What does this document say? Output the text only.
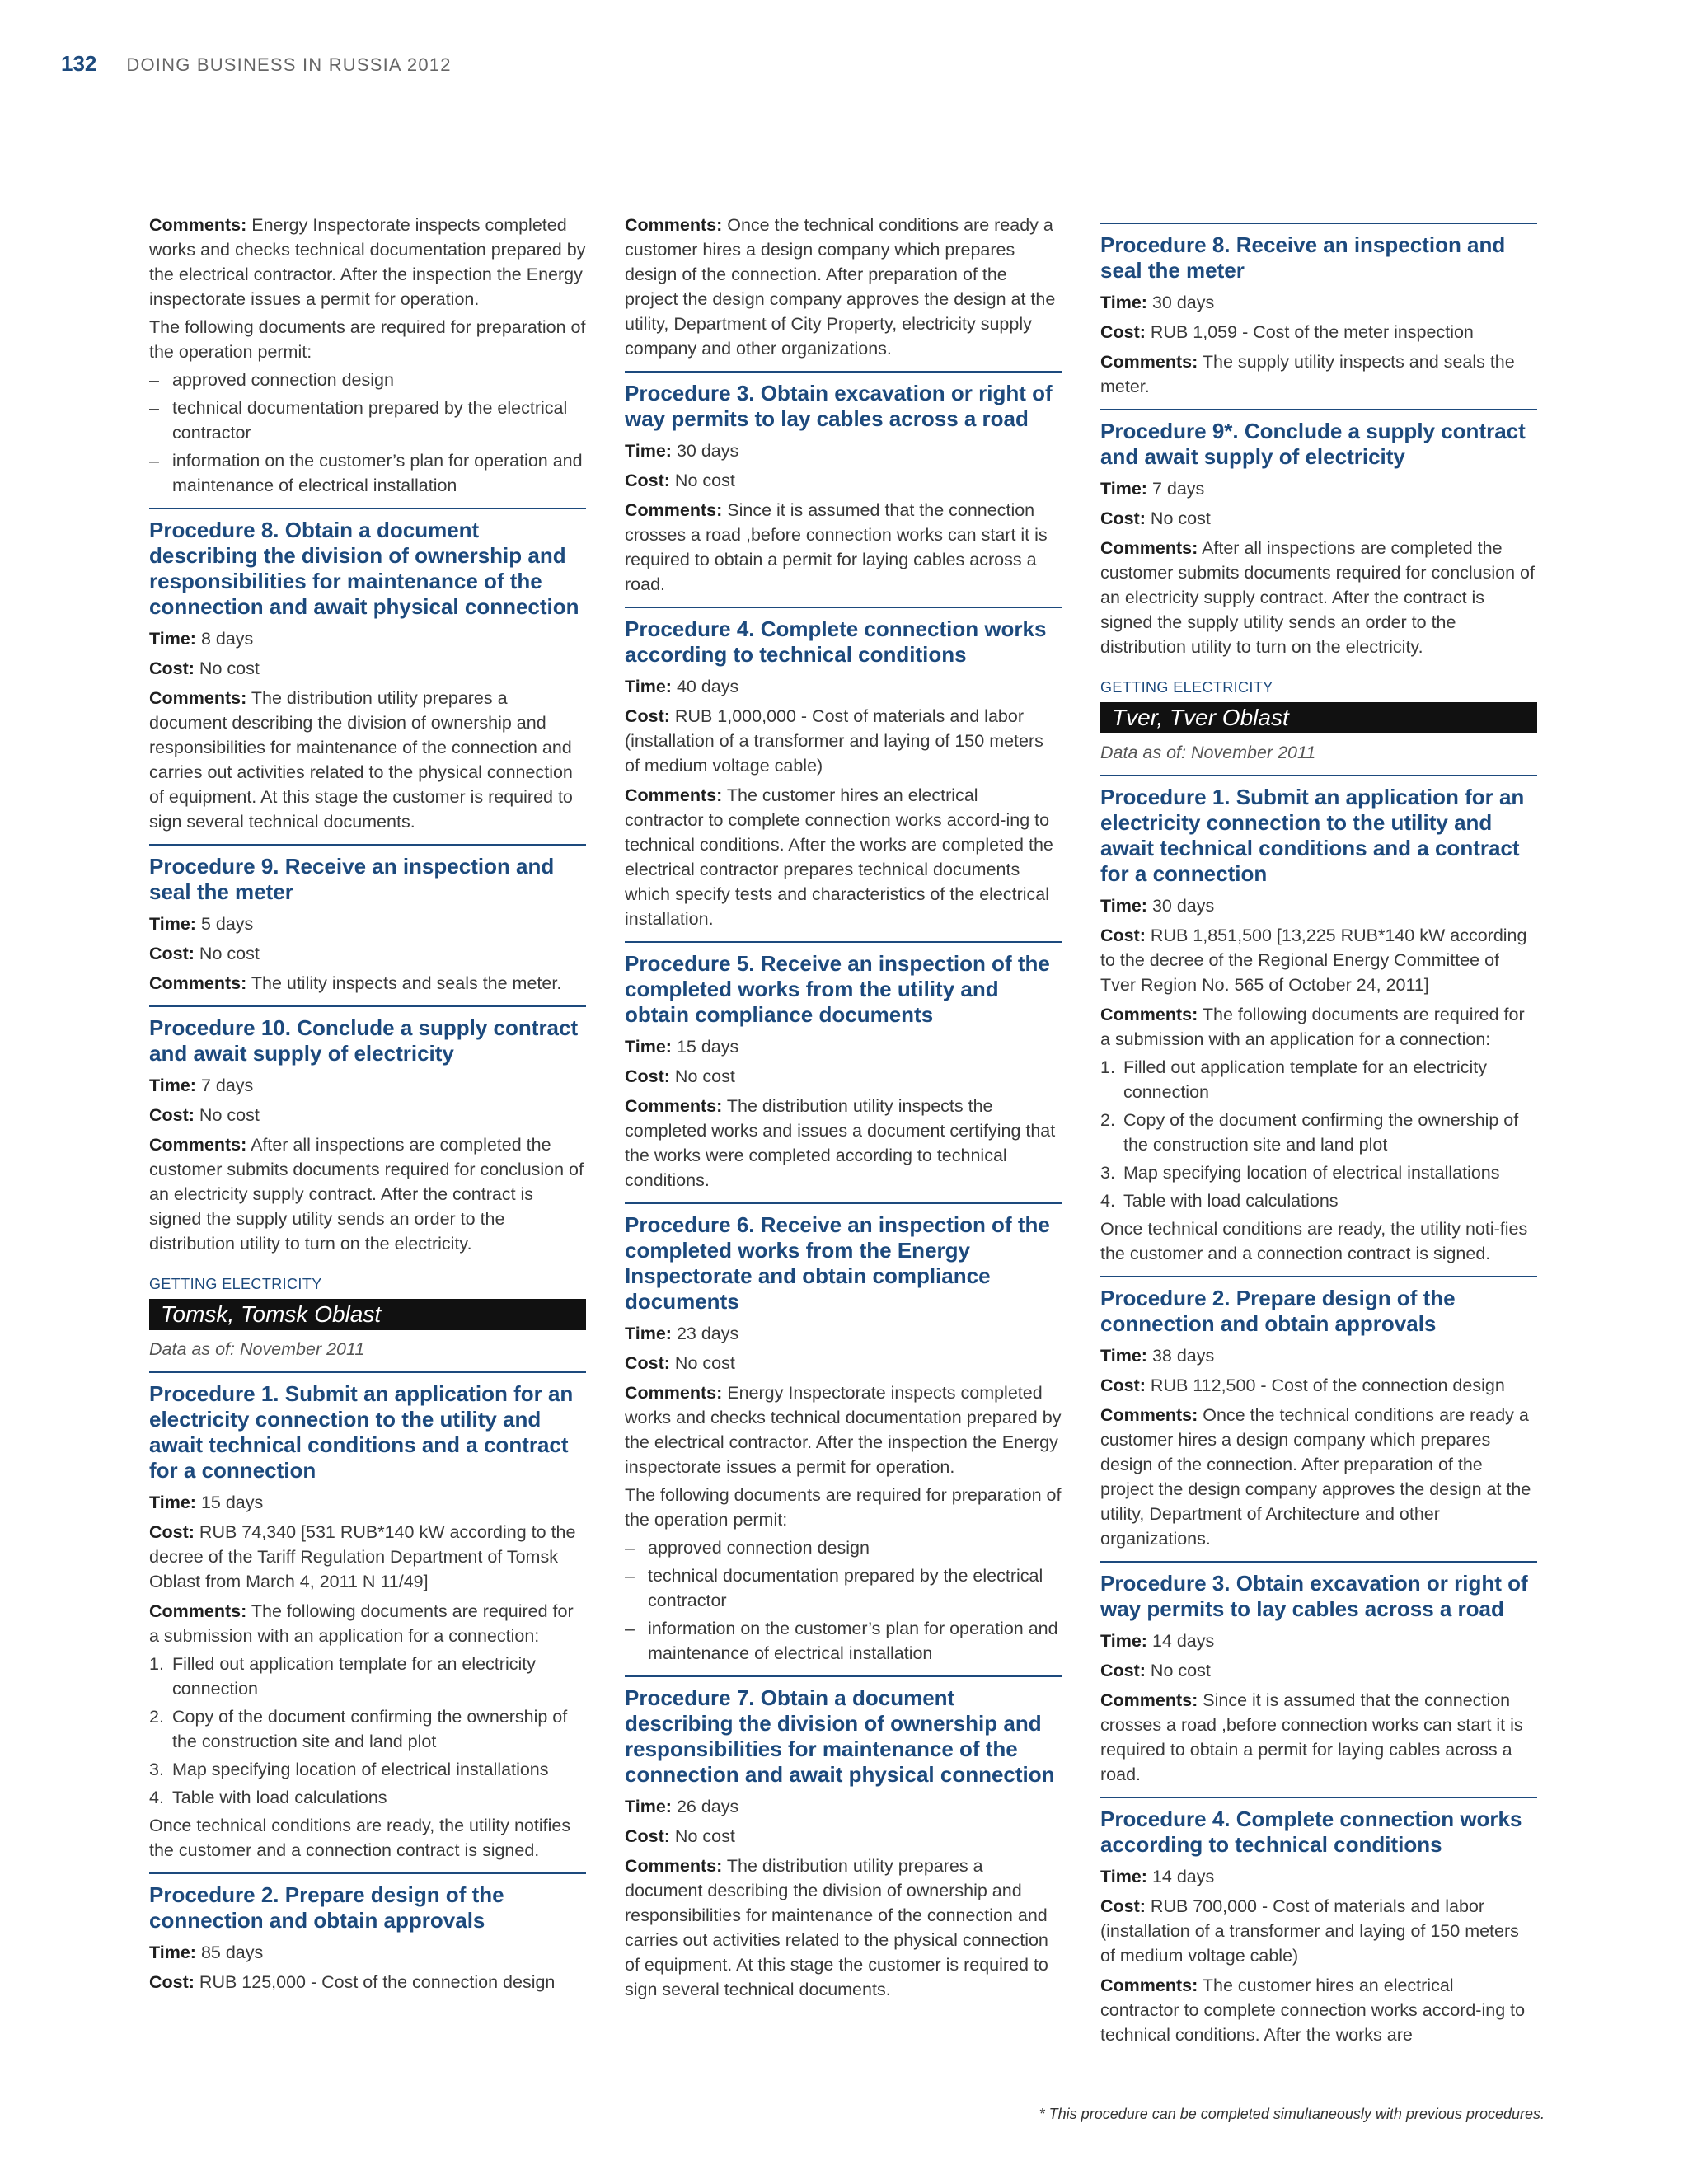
132 DOING BUSINESS IN RUSSIA 2012

Comments: Energy Inspectorate inspects completed works and checks technical documentation prepared by the electrical contractor. After the inspection the Energy inspectorate issues a permit for operation.

The following documents are required for preparation of the operation permit:

– approved connection design
– technical documentation prepared by the electrical contractor
– information on the customer’s plan for operation and maintenance of electrical installation

Procedure 8. Obtain a document describing the division of ownership and responsibilities for maintenance of the connection and await physical connection

Time: 8 days

Cost: No cost

Comments: The distribution utility prepares a document describing the division of ownership and responsibilities for maintenance of the connection and carries out activities related to the physical connection of equipment. At this stage the customer is required to sign several technical documents.

Procedure 9. Receive an inspection and seal the meter

Time: 5 days

Cost: No cost

Comments: The utility inspects and seals the meter.

Procedure 10. Conclude a supply contract and await supply of electricity

Time: 7 days

Cost: No cost

Comments: After all inspections are completed the customer submits documents required for conclusion of an electricity supply contract. After the contract is signed the supply utility sends an order to the distribution utility to turn on the electricity.

GETTING ELECTRICITY

Tomsk, Tomsk Oblast

Data as of: November 2011

Procedure 1. Submit an application for an electricity connection to the utility and await technical conditions and a contract for a connection

Time: 15 days

Cost: RUB 74,340 [531 RUB*140 kW according to the decree of the Tariff Regulation Department of Tomsk Oblast from March 4, 2011 N 11/49]

Comments: The following documents are required for a submission with an application for a connection:

1. Filled out application template for an electricity connection
2. Copy of the document confirming the ownership of the construction site and land plot
3. Map specifying location of electrical installations
4. Table with load calculations

Once technical conditions are ready, the utility notifies the customer and a connection contract is signed.

Procedure 2. Prepare design of the connection and obtain approvals

Time: 85 days

Cost: RUB 125,000 - Cost of the connection design

Comments: Once the technical conditions are ready a customer hires a design company which prepares design of the connection. After preparation of the project the design company approves the design at the utility, Department of City Property, electricity supply company and other organizations.

Procedure 3. Obtain excavation or right of way permits to lay cables across a road

Time: 30 days

Cost: No cost

Comments: Since it is assumed that the connection crosses a road ,before connection works can start it is required to obtain a permit for laying cables across a road.

Procedure 4. Complete connection works according to technical conditions

Time: 40 days

Cost: RUB 1,000,000 - Cost of materials and labor (installation of a transformer and laying of 150 meters of medium voltage cable)

Comments: The customer hires an electrical contractor to complete connection works accord-ing to technical conditions. After the works are completed the electrical contractor prepares technical documents which specify tests and characteristics of the electrical installation.

Procedure 5. Receive an inspection of the completed works from the utility and obtain compliance documents

Time: 15 days

Cost: No cost

Comments: The distribution utility inspects the completed works and issues a document certifying that the works were completed according to technical conditions.

Procedure 6. Receive an inspection of the completed works from the Energy Inspectorate and obtain compliance documents

Time: 23 days

Cost: No cost

Comments: Energy Inspectorate inspects completed works and checks technical documentation prepared by the electrical contractor. After the inspection the Energy inspectorate issues a permit for operation.

The following documents are required for preparation of the operation permit:

– approved connection design
– technical documentation prepared by the electrical contractor
– information on the customer’s plan for operation and maintenance of electrical installation

Procedure 7. Obtain a document describing the division of ownership and responsibilities for maintenance of the connection and await physical connection

Time: 26 days

Cost: No cost

Comments: The distribution utility prepares a document describing the division of ownership and responsibilities for maintenance of the connection and carries out activities related to the physical connection of equipment. At this stage the customer is required to sign several technical documents.

Procedure 8. Receive an inspection and seal the meter

Time: 30 days

Cost: RUB 1,059 - Cost of the meter inspection

Comments: The supply utility inspects and seals the meter.

Procedure 9*. Conclude a supply contract and await supply of electricity

Time: 7 days

Cost: No cost

Comments: After all inspections are completed the customer submits documents required for conclusion of an electricity supply contract. After the contract is signed the supply utility sends an order to the distribution utility to turn on the electricity.

GETTING ELECTRICITY

Tver, Tver Oblast

Data as of: November 2011

Procedure 1. Submit an application for an electricity connection to the utility and await technical conditions and a contract for a connection

Time: 30 days

Cost: RUB 1,851,500 [13,225 RUB*140 kW according to the decree of the Regional Energy Committee of Tver Region No. 565 of October 24, 2011]

Comments: The following documents are required for a submission with an application for a connection:

1. Filled out application template for an electricity connection
2. Copy of the document confirming the ownership of the construction site and land plot
3. Map specifying location of electrical installations
4. Table with load calculations

Once technical conditions are ready, the utility noti-fies the customer and a connection contract is signed.

Procedure 2. Prepare design of the connection and obtain approvals

Time: 38 days

Cost: RUB 112,500 - Cost of the connection design

Comments: Once the technical conditions are ready a customer hires a design company which prepares design of the connection. After preparation of the project the design company approves the design at the utility, Department of Architecture and other organizations.

Procedure 3. Obtain excavation or right of way permits to lay cables across a road

Time: 14 days

Cost: No cost

Comments: Since it is assumed that the connection crosses a road ,before connection works can start it is required to obtain a permit for laying cables across a road.

Procedure 4. Complete connection works according to technical conditions

Time: 14 days

Cost: RUB 700,000 - Cost of materials and labor (installation of a transformer and laying of 150 meters of medium voltage cable)

Comments: The customer hires an electrical contractor to complete connection works accord-ing to technical conditions. After the works are

* This procedure can be completed simultaneously with previous procedures.
